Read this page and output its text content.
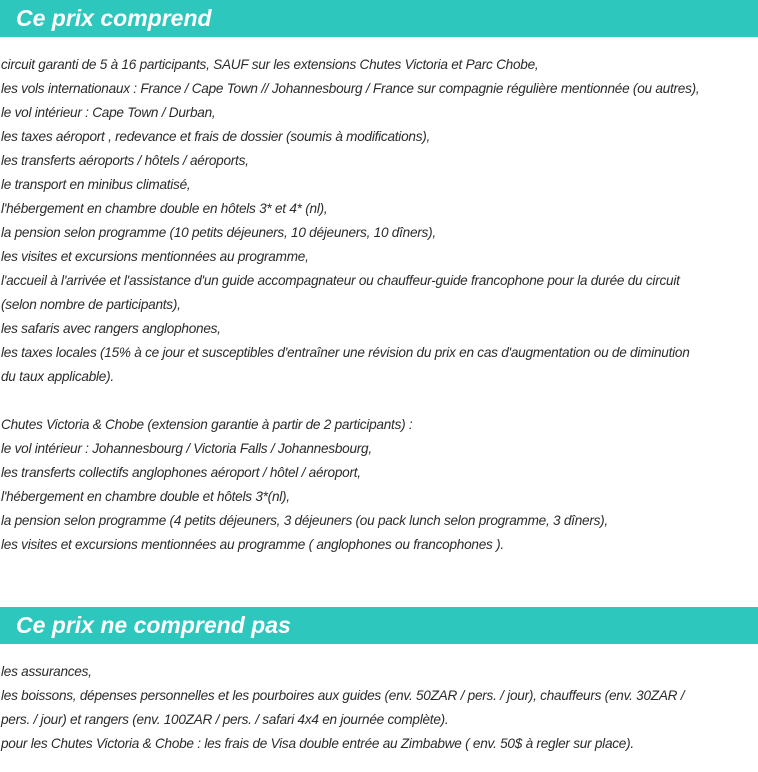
Ce prix comprend
circuit garanti de 5 à 16 participants, SAUF sur les extensions Chutes Victoria et Parc Chobe,
les vols internationaux : France / Cape Town // Johannesbourg / France sur compagnie régulière mentionnée (ou autres),
le vol intérieur : Cape Town / Durban,
les taxes aéroport , redevance et frais de dossier (soumis à modifications),
les transferts aéroports / hôtels / aéroports,
le transport en minibus climatisé,
l'hébergement en chambre double en hôtels 3* et 4* (nl),
la pension selon programme (10 petits déjeuners, 10 déjeuners, 10 dîners),
les visites et excursions mentionnées au programme,
l'accueil à l'arrivée et l'assistance d'un guide accompagnateur ou chauffeur-guide francophone pour la durée du circuit
(selon nombre de participants),
les safaris avec rangers anglophones,
les taxes locales (15% à ce jour et susceptibles d'entraîner une révision du prix en cas d'augmentation ou de diminution
du taux applicable).
Chutes Victoria & Chobe (extension garantie à partir de 2 participants) :
le vol intérieur : Johannesbourg / Victoria Falls / Johannesbourg,
les transferts collectifs anglophones aéroport / hôtel / aéroport,
l'hébergement en chambre double et hôtels 3*(nl),
la pension selon programme (4 petits déjeuners, 3 déjeuners (ou pack lunch selon programme, 3 dîners),
les visites et excursions mentionnées au programme ( anglophones ou francophones ).
Ce prix ne comprend pas
les assurances,
les boissons, dépenses personnelles et les pourboires aux guides (env. 50ZAR / pers. / jour), chauffeurs (env. 30ZAR /
pers. / jour) et rangers (env. 100ZAR / pers. / safari 4x4 en journée complète).
pour les Chutes Victoria & Chobe : les frais de Visa double entrée au Zimbabwe ( env. 50$ à regler sur place).
